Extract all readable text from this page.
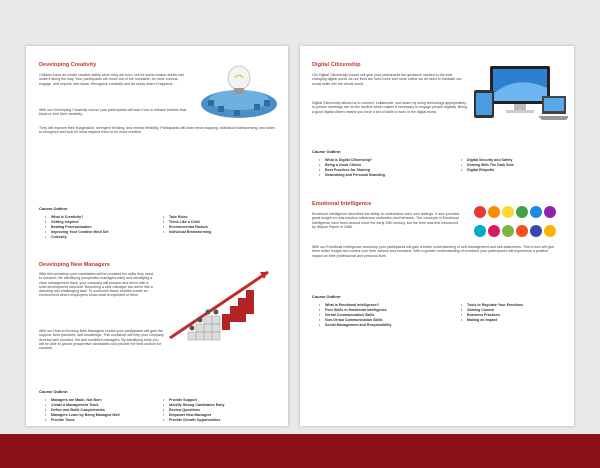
Developing Creativity
Children have an innate creative ability when they are born, but for some reason adults can loose it along the way. Your participants will move out of the mundane, be more curious, engage, and explore new ideas. Recognize creativity and be ready when it happens.
With our Developing Creativity course your participants will learn how to release barriers that block or limit their creativity.
They will improve their imagination, divergent thinking, and mental flexibility. Participants will learn mind mapping, individual brainstorming, and when to recognize and look for what inspires them to be more creative.
Course Outline:
• What is Creativity?
• Getting Inspired
• Beating Procrastination
• Improving Your Creative Mind Set
• Curiosity
• Take Risks
• Think Like a Child
• Environmental Factors
• Individual Brainstorming
Developing New Managers
With this workshop your candidates will be provided the skills they need to succeed. Be identifying prospective managers early and identifying a clear management track, your company will prosper and thrive with a solid development structure. Becoming a new manager can seem like a daunting and challenging task. To overcome these hurdles create an environment where employees know what is expected of them.
With our How to Develop New Managers course your participants will gain the support, best practices, and knowledge. This workshop will help your company develop well rounded, fair and confident managers. By identifying early you will be able to groom prospective candidates and provide the best chance for success.
Course Outline:
• Managers are Made, Not Born
• Create a Management Track
• Define and Build Competencies
• Managers Learn by Being Managed Well
• Provide Tools
• Provide Support
• Identify Strong Candidates Early
• Review Questions
• Empower New Managers
• Provide Growth Opportunities
Digital Citizenship
Our Digital Citizenship course will give your participants the guidance needed in the ever changing digital world. As our lives are lived more and more online we all need to translate our social skills into the virtual world.
Digital Citizenship allows us to connect, collaborate, and share by using technology appropriately. In-person meetings are on the decline which makes it necessary to engage people digitally. Being a good digital citizen means you have a set of skills to work in the digital world.
Course Outline:
• What is Digital Citizenship?
• Being a Good Citizen
• Best Practices for Sharing
• Networking and Personal Branding
• Digital Security and Safety
• Dealing With The Dark Side
• Digital Etiquette
Emotional Intelligence
Emotional Intelligence describes the ability to understand one's own feelings. It also provides great insight on how emotion influences motivation and behavior. The concepts of Emotional Intelligence have been around since the early 20th century, but the term was first introduced by Wayne Payne in 1985.
With our Emotional Intelligence workshop your participants will gain a better understanding of self-management and self-awareness. This in turn will give them better insight and control over their actions and emotions. With a greater understanding of emotions your participant's will experience a positive impact on their professional and personal lives.
Course Outline:
• What is Emotional Intelligence?
• Four Skills in Emotional Intelligence
• Verbal Communication Skills
• Non-Verbal Communication Skills
• Social Management and Responsibility
• Tools to Regulate Your Emotions
• Gaining Control
• Business Practices
• Making an Impact
